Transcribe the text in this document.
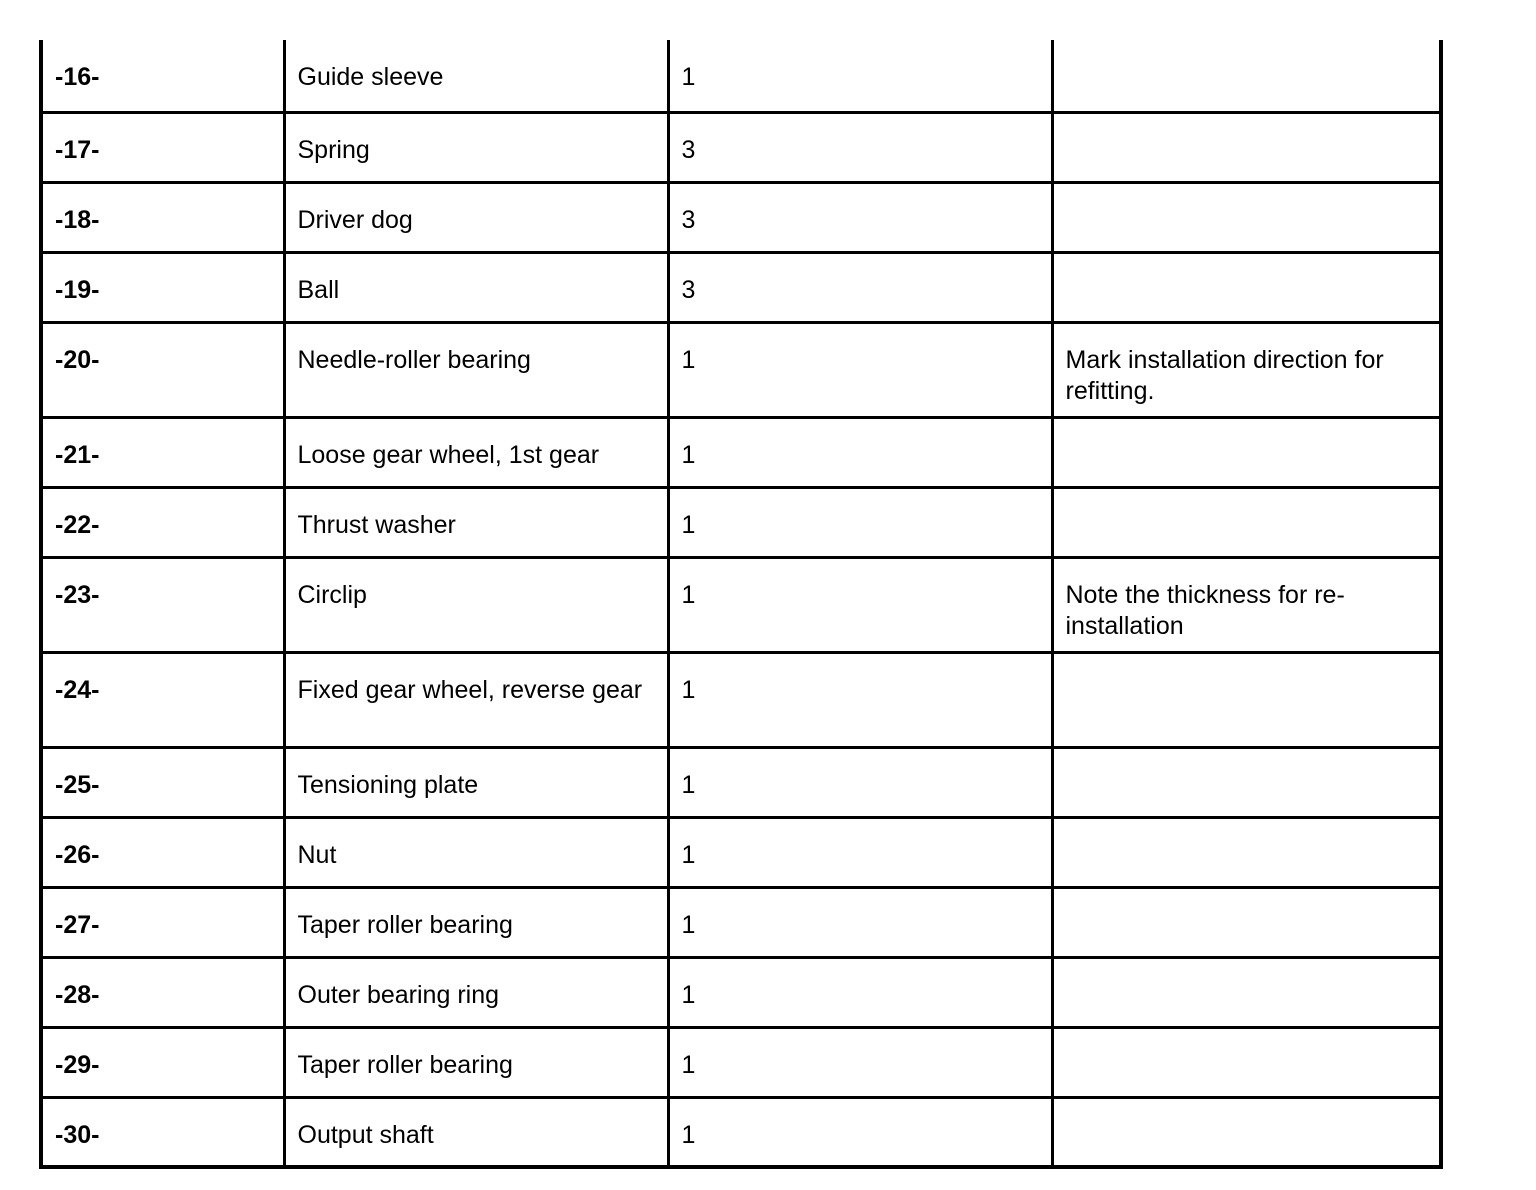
-16-	Guide sleeve	1	
-17-	Spring	3	
-18-	Driver dog	3	
-19-	Ball	3	
-20-	Needle-roller bearing	1	Mark installation direction for refitting.
-21-	Loose gear wheel, 1st gear	1	
-22-	Thrust washer	1	
-23-	Circlip	1	Note the thickness for re-installation
-24-	Fixed gear wheel, reverse gear	1	
-25-	Tensioning plate	1	
-26-	Nut	1	
-27-	Taper roller bearing	1	
-28-	Outer bearing ring	1	
-29-	Taper roller bearing	1	
-30-	Output shaft	1	
